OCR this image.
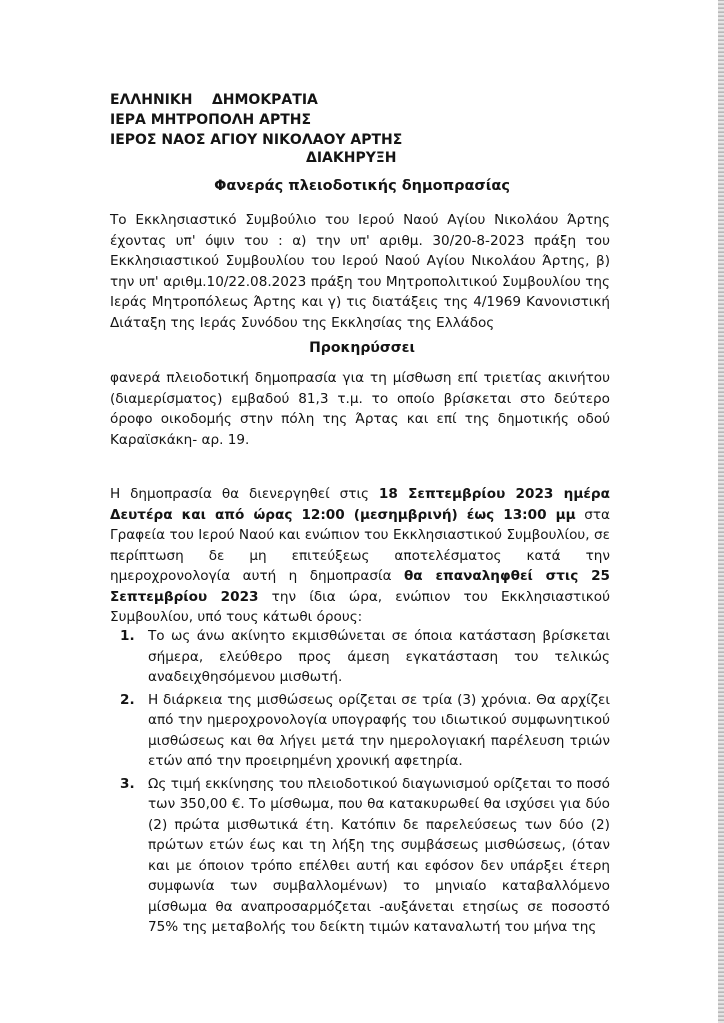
ΕΛΛΗΝΙΚΗ    ΔΗΜΟΚΡΑΤΙΑ
ΙΕΡΑ ΜΗΤΡΟΠΟΛΗ ΑΡΤΗΣ
ΙΕΡΟΣ ΝΑΟΣ ΑΓΙΟΥ ΝΙΚΟΛΑΟΥ ΑΡΤΗΣ
ΔΙΑΚΗΡΥΞΗ
Φανεράς πλειοδοτικής δημοπρασίας
Το Εκκλησιαστικό Συμβούλιο του Ιερού Ναού Αγίου Νικολάου Άρτης έχοντας υπ' όψιν του : α) την υπ' αριθμ. 30/20-8-2023 πράξη του Εκκλησιαστικού Συμβουλίου του Ιερού Ναού Αγίου Νικολάου Άρτης, β) την υπ' αριθμ.10/22.08.2023 πράξη του Μητροπολιτικού Συμβουλίου της Ιεράς Μητροπόλεως Άρτης και γ) τις διατάξεις της 4/1969 Κανονιστική Διάταξη της Ιεράς Συνόδου της Εκκλησίας της Ελλάδος
Προκηρύσσει
φανερά πλειοδοτική δημοπρασία για τη μίσθωση επί τριετίας ακινήτου (διαμερίσματος) εμβαδού 81,3 τ.μ. το οποίο βρίσκεται στο δεύτερο όροφο οικοδομής στην πόλη της Άρτας και επί της δημοτικής οδού Καραϊσκάκη- αρ. 19.
Η δημοπρασία θα διενεργηθεί στις 18 Σεπτεμβρίου 2023 ημέρα Δευτέρα και από ώρας 12:00 (μεσημβρινή) έως 13:00 μμ στα Γραφεία του Ιερού Ναού και ενώπιον του Εκκλησιαστικού Συμβουλίου, σε περίπτωση δε μη επιτεύξεως αποτελέσματος κατά την ημεροχρονολογία αυτή η δημοπρασία θα επαναληφθεί στις 25 Σεπτεμβρίου 2023 την ίδια ώρα, ενώπιον του Εκκλησιαστικού Συμβουλίου, υπό τους κάτωθι όρους:
1. Το ως άνω ακίνητο εκμισθώνεται σε όποια κατάσταση βρίσκεται σήμερα, ελεύθερο προς άμεση εγκατάσταση του τελικώς αναδειχθησόμενου μισθωτή.
2. Η διάρκεια της μισθώσεως ορίζεται σε τρία (3) χρόνια. Θα αρχίζει από την ημεροχρονολογία υπογραφής του ιδιωτικού συμφωνητικού μισθώσεως και θα λήγει μετά την ημερολογιακή παρέλευση τριών ετών από την προειρημένη χρονική αφετηρία.
3. Ως τιμή εκκίνησης του πλειοδοτικού διαγωνισμού ορίζεται το ποσό των 350,00 €. Το μίσθωμα, που θα κατακυρωθεί θα ισχύσει για δύο (2) πρώτα μισθωτικά έτη. Κατόπιν δε παρελεύσεως των δύο (2) πρώτων ετών έως και τη λήξη της συμβάσεως μισθώσεως, (όταν και με όποιον τρόπο επέλθει αυτή και εφόσον δεν υπάρξει έτερη συμφωνία των συμβαλλομένων) το μηνιαίο καταβαλλόμενο μίσθωμα θα αναπροσαρμόζεται -αυξάνεται ετησίως σε ποσοστό 75% της μεταβολής του δείκτη τιμών καταναλωτή του μήνα της
